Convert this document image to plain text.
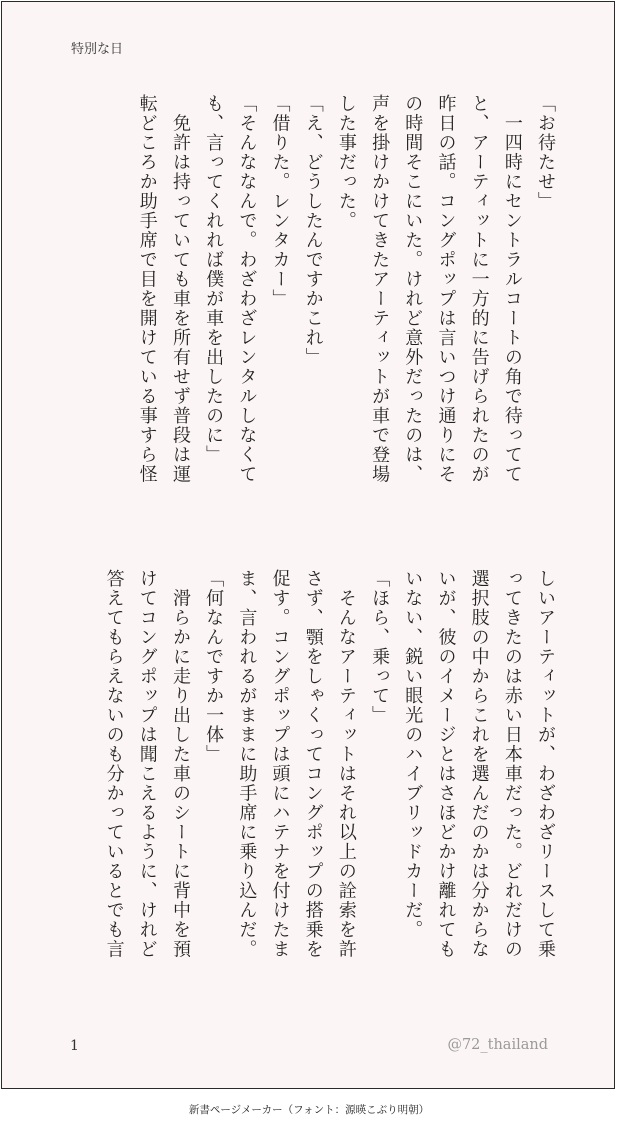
特別な日
「お待たせ」
　一四時にセントラルコートの角で待ってて
と、アーティットに一方的に告げられたのが
昨日の話。コングポップは言いつけ通りにそ
の時間そこにいた。けれど意外だったのは、
声を掛けかけてきたアーティットが車で登場
した事だった。
「え、どうしたんですかこれ」
「借りた。レンタカー」
「そんななんで。わざわざレンタルしなくて
も、言ってくれれば僕が車を出したのに」
　免許は持っていても車を所有せず普段は運
転どころか助手席で目を開けている事すら怪
しいアーティットが、わざわざリースして乗
ってきたのは赤い日本車だった。どれだけの
選択肢の中からこれを選んだのかは分からな
いが、彼のイメージとはさほどかけ離れても
いない、鋭い眼光のハイブリッドカーだ。
「ほら、乗って」
　そんなアーティットはそれ以上の詮索を許
さず、顎をしゃくってコングポップの搭乗を
促す。コングポップは頭にハテナを付けたま
ま、言われるがままに助手席に乗り込んだ。
「何なんですか一体」
　滑らかに走り出した車のシートに背中を預
けてコングポップは聞こえるように、けれど
答えてもらえないのも分かっているとでも言
1	@72_thailand
新書ページメーカー（フォント：源暎こぶり明朝）
